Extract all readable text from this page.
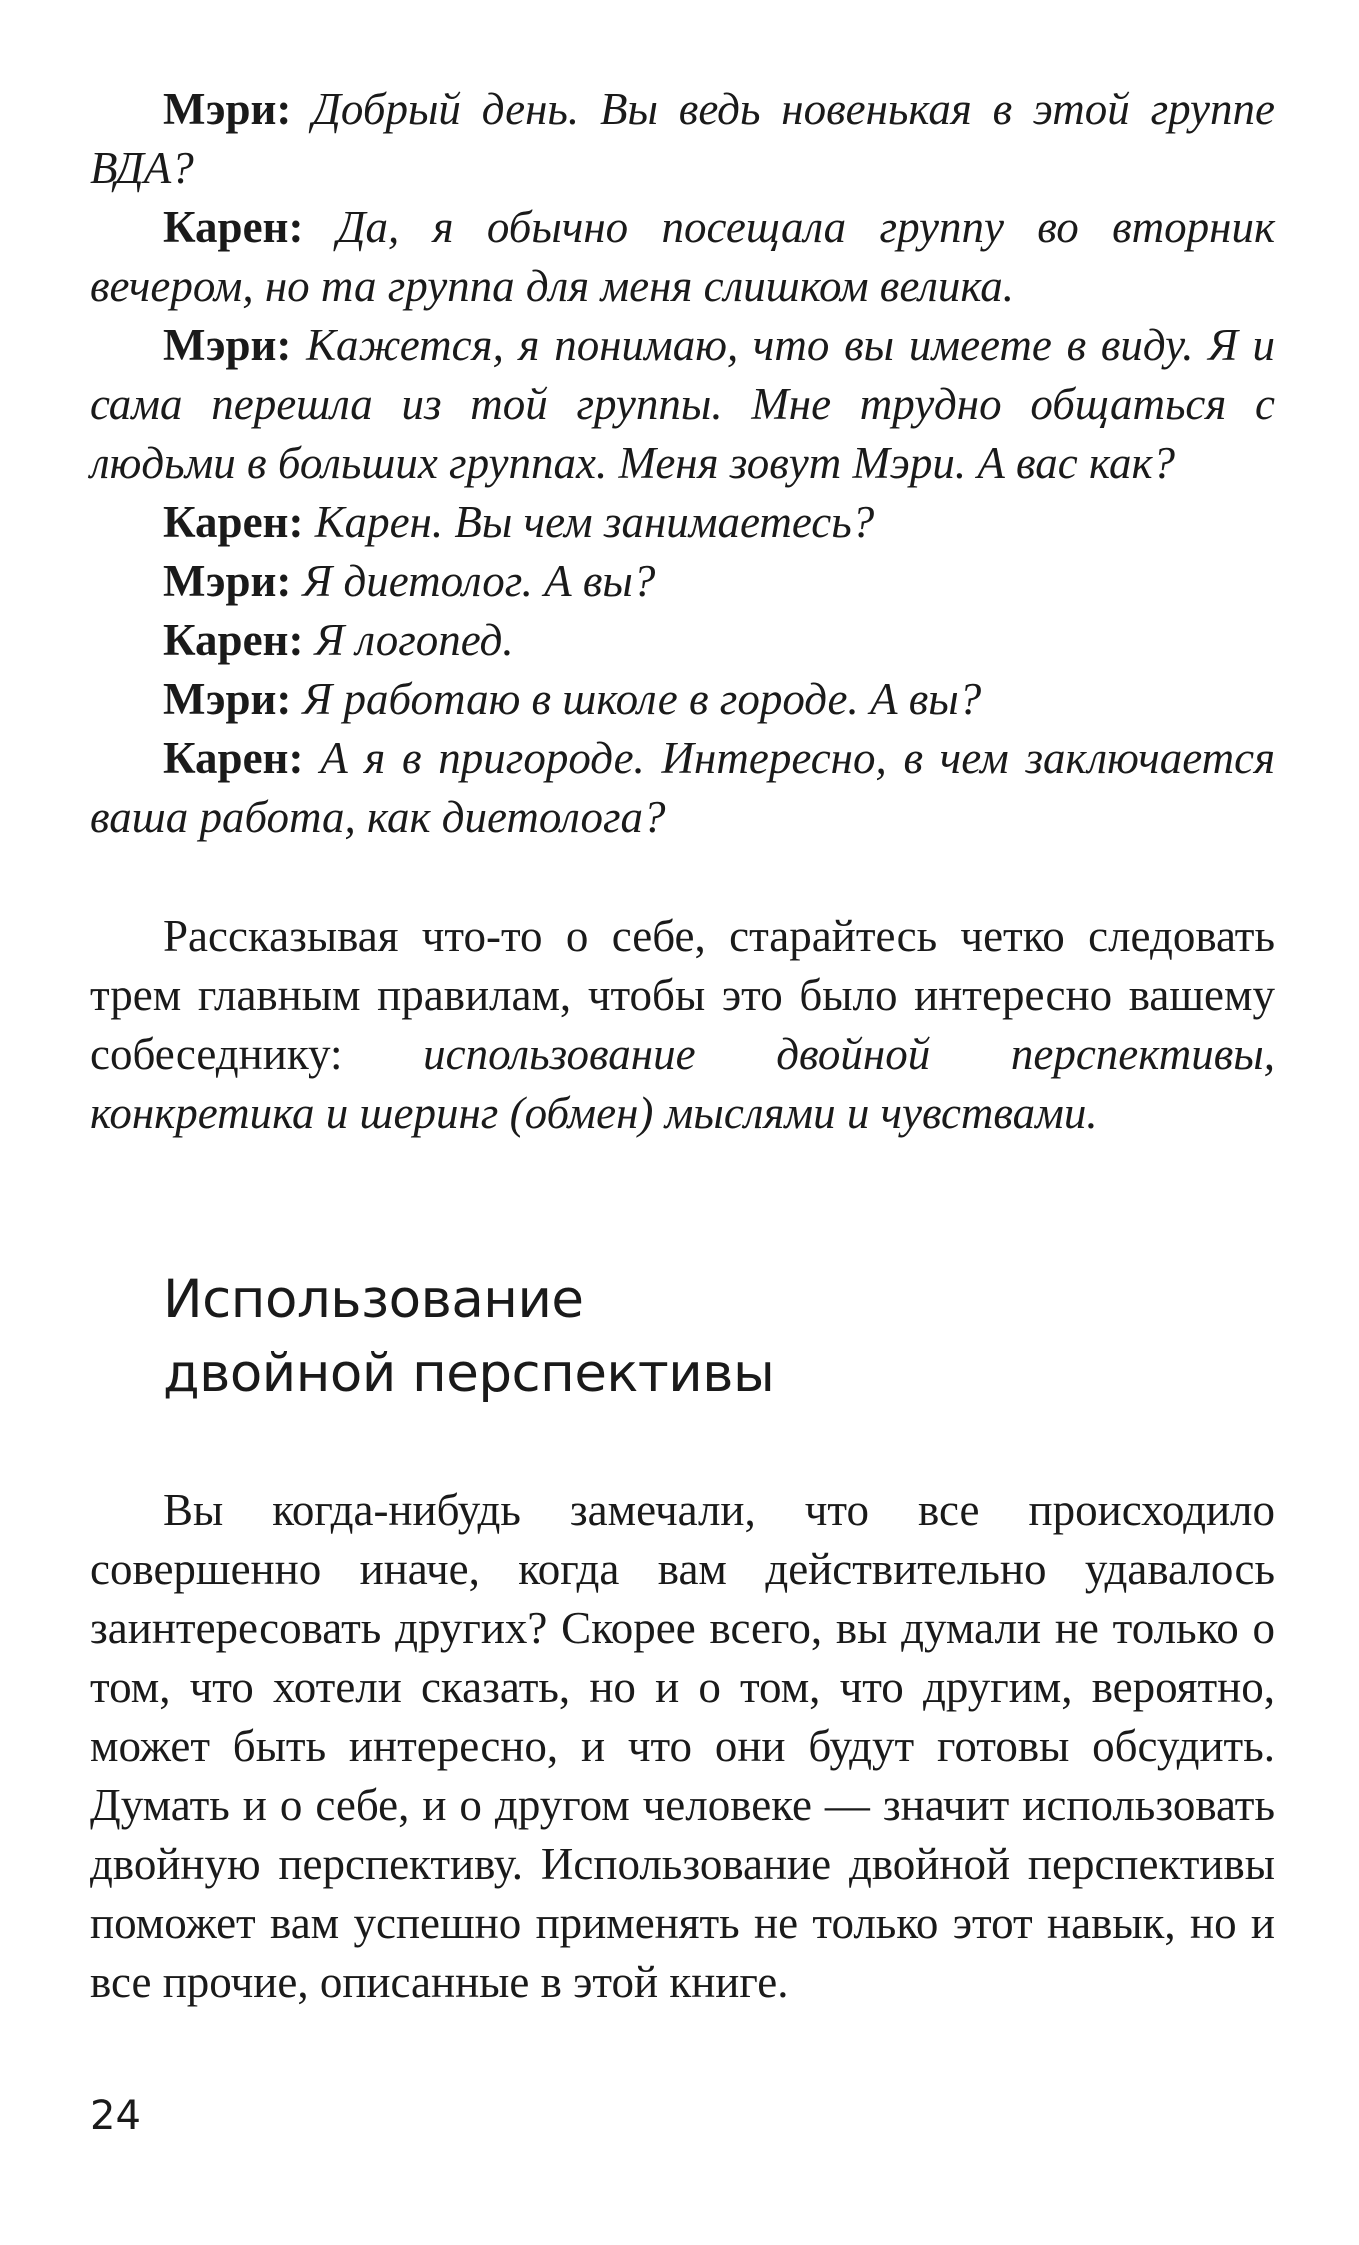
Мэри: Добрый день. Вы ведь новенькая в этой группе ВДА?

Карен: Да, я обычно посещала группу во вторник вечером, но та группа для меня слишком велика.

Мэри: Кажется, я понимаю, что вы имеете в виду. Я и сама перешла из той группы. Мне трудно общаться с людьми в больших группах. Меня зовут Мэри. А вас как?

Карен: Карен. Вы чем занимаетесь?

Мэри: Я диетолог. А вы?

Карен: Я логопед.

Мэри: Я работаю в школе в городе. А вы?

Карен: А я в пригороде. Интересно, в чем заключается ваша работа, как диетолога?

Рассказывая что-то о себе, старайтесь четко следовать трем главным правилам, чтобы это было интересно вашему собеседнику: использование двойной перспективы, конкретика и шеринг (обмен) мыслями и чувствами.

Использование
двойной перспективы

Вы когда-нибудь замечали, что все происходило совершенно иначе, когда вам действительно удавалось заинтересовать других? Скорее всего, вы думали не только о том, что хотели сказать, но и о том, что другим, вероятно, может быть интересно, и что они будут готовы обсудить. Думать и о себе, и о другом человеке — значит использовать двойную перспективу. Использование двойной перспективы поможет вам успешно применять не только этот навык, но и все прочие, описанные в этой книге.

24
